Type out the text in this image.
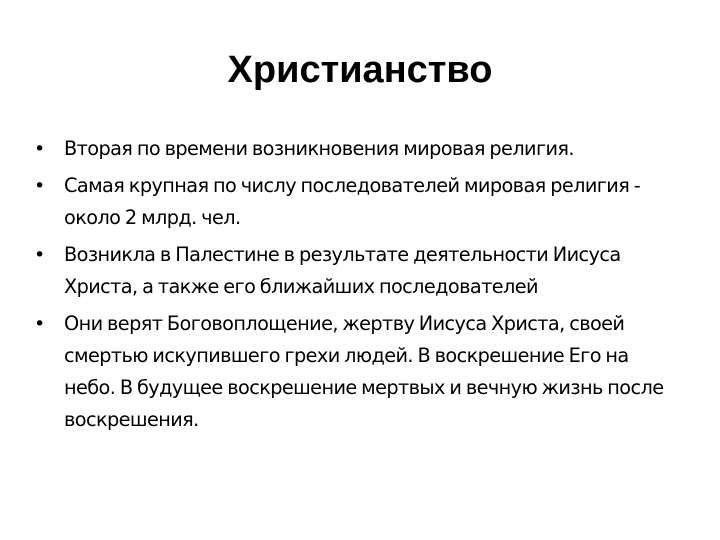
Христианство
• Вторая по времени возникновения мировая религия.
• Самая крупная по числу последователей мировая религия - около 2 млрд. чел.
• Возникла в Палестине в результате деятельности Иисуса Христа, а также его ближайших последователей
• Они верят Боговоплощение, жертву Иисуса Христа, своей смертью искупившего грехи людей. В воскрешение Его на небо. В будущее воскрешение мертвых и вечную жизнь после воскрешения.
